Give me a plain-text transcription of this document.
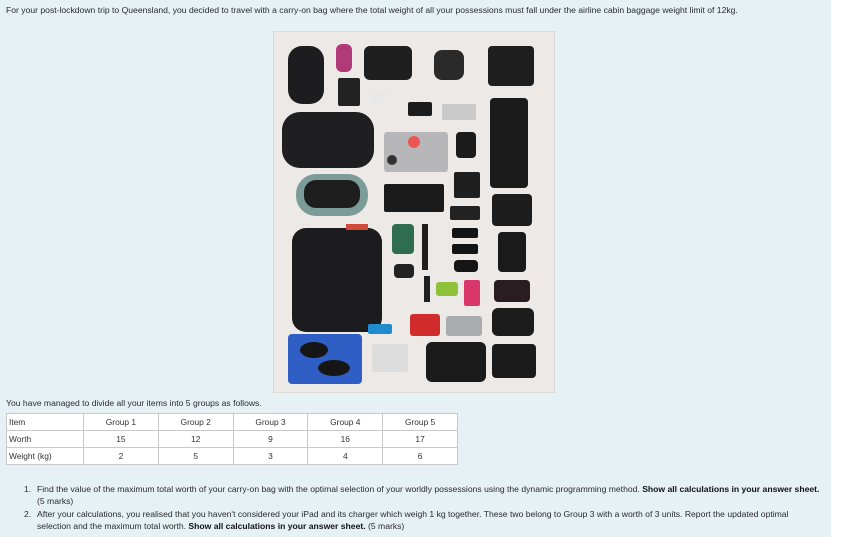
For your post-lockdown trip to Queensland, you decided to travel with a carry-on bag where the total weight of all your possessions must fall under the airline cabin baggage weight limit of 12kg.
You have managed to divide all your items into 5 groups as follows.
Item	Group 1	Group 2	Group 3	Group 4	Group 5
Worth	15	12	9	16	17
Weight (kg)	2	5	3	4	6
1. Find the value of the maximum total worth of your carry-on bag with the optimal selection of your worldly possessions using the dynamic programming method. Show all calculations in your answer sheet. (5 marks)
2. After your calculations, you realised that you haven't considered your iPad and its charger which weigh 1 kg together. These two belong to Group 3 with a worth of 3 units. Report the updated optimal selection and the maximum total worth. Show all calculations in your answer sheet. (5 marks)
